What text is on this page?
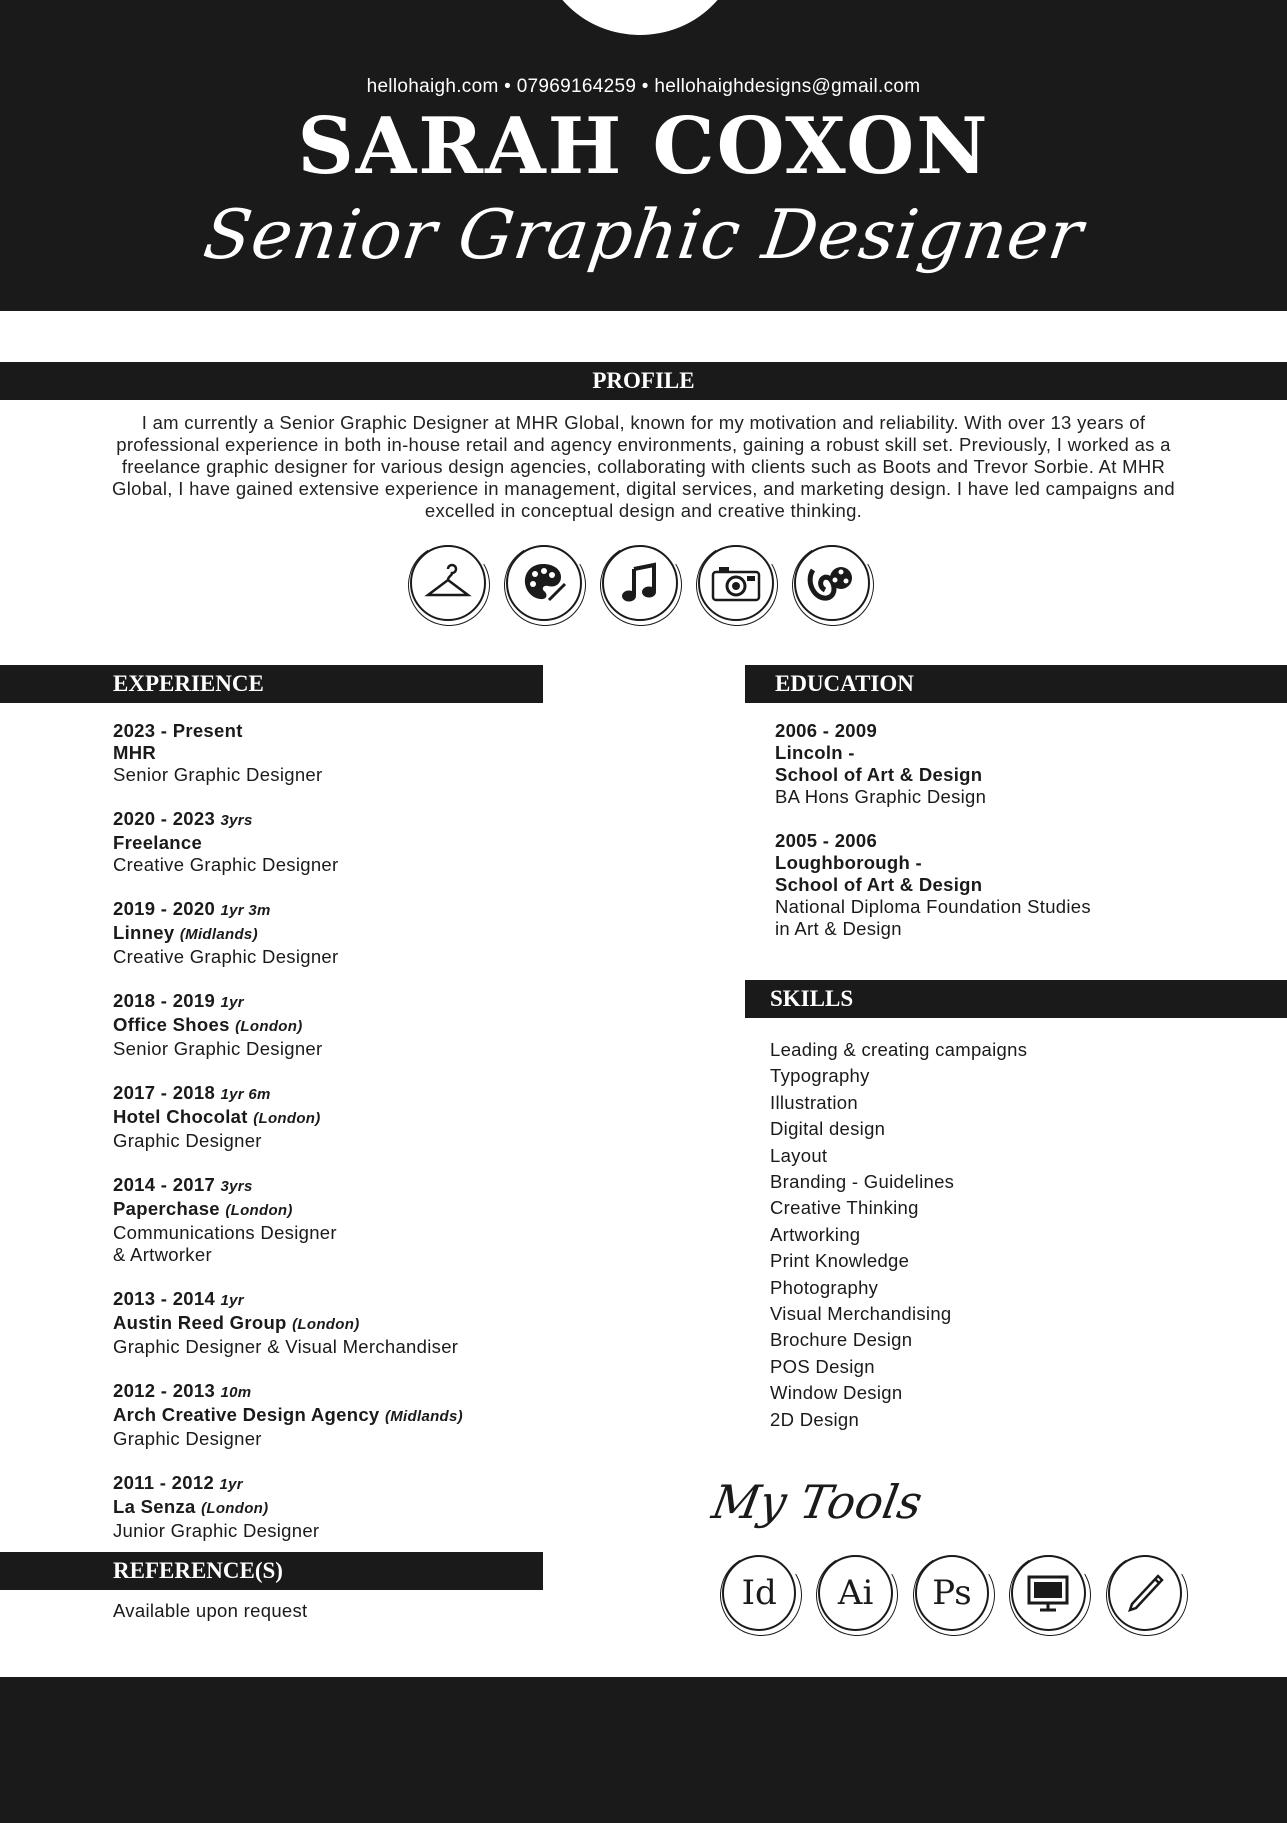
hellohaigh.com • 07969164259 • hellohaighdesigns@gmail.com
SARAH COXON
Senior Graphic Designer
PROFILE
I am currently a Senior Graphic Designer at MHR Global, known for my motivation and reliability. With over 13 years of professional experience in both in-house retail and agency environments, gaining a robust skill set. Previously, I worked as a freelance graphic designer for various design agencies, collaborating with clients such as Boots and Trevor Sorbie. At MHR Global, I have gained extensive experience in management, digital services, and marketing design. I have led campaigns and excelled in conceptual design and creative thinking.
EXPERIENCE
2023 - Present
MHR
Senior Graphic Designer
2020 - 2023 3yrs
Freelance
Creative Graphic Designer
2019 - 2020 1yr 3m
Linney (Midlands)
Creative Graphic Designer
2018 - 2019 1yr
Office Shoes (London)
Senior Graphic Designer
2017 - 2018 1yr 6m
Hotel Chocolat (London)
Graphic Designer
2014 - 2017 3yrs
Paperchase (London)
Communications Designer
& Artworker
2013 - 2014 1yr
Austin Reed Group (London)
Graphic Designer & Visual Merchandiser
2012 - 2013 10m
Arch Creative Design Agency (Midlands)
Graphic Designer
2011 - 2012 1yr
La Senza (London)
Junior Graphic Designer
EDUCATION
2006 - 2009
Lincoln -
School of Art & Design
BA Hons Graphic Design
2005 - 2006
Loughborough -
School of Art & Design
National Diploma Foundation Studies
in Art & Design
SKILLS
Leading & creating campaigns
Typography
Illustration
Digital design
Layout
Branding - Guidelines
Creative Thinking
Artworking
Print Knowledge
Photography
Visual Merchandising
Brochure Design
POS Design
Window Design
2D Design
REFERENCE(S)
Available upon request
My Tools
Id Ai Ps
